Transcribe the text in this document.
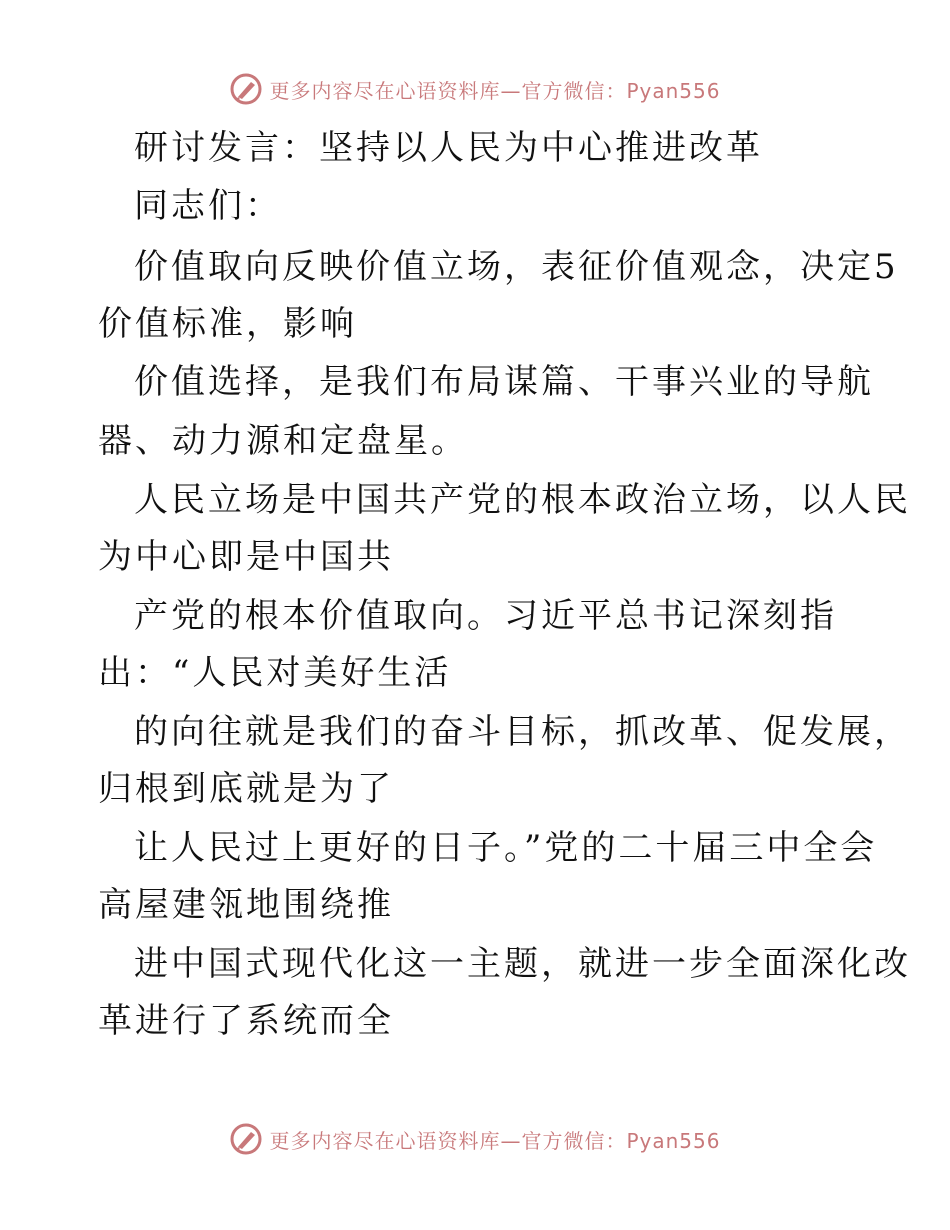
更多内容尽在心语资料库—官方微信：Pyan556
研讨发言：坚持以人民为中心推进改革
同志们：
价值取向反映价值立场，表征价值观念，决定5
价值标准，影响
价值选择，是我们布局谋篇、干事兴业的导航
器、动力源和定盘星。
人民立场是中国共产党的根本政治立场，以人民
为中心即是中国共
产党的根本价值取向。习近平总书记深刻指
出：“人民对美好生活
的向往就是我们的奋斗目标，抓改革、促发展，
归根到底就是为了
让人民过上更好的日子。”党的二十届三中全会
高屋建瓴地围绕推
进中国式现代化这一主题，就进一步全面深化改
革进行了系统而全
更多内容尽在心语资料库—官方微信：Pyan556
